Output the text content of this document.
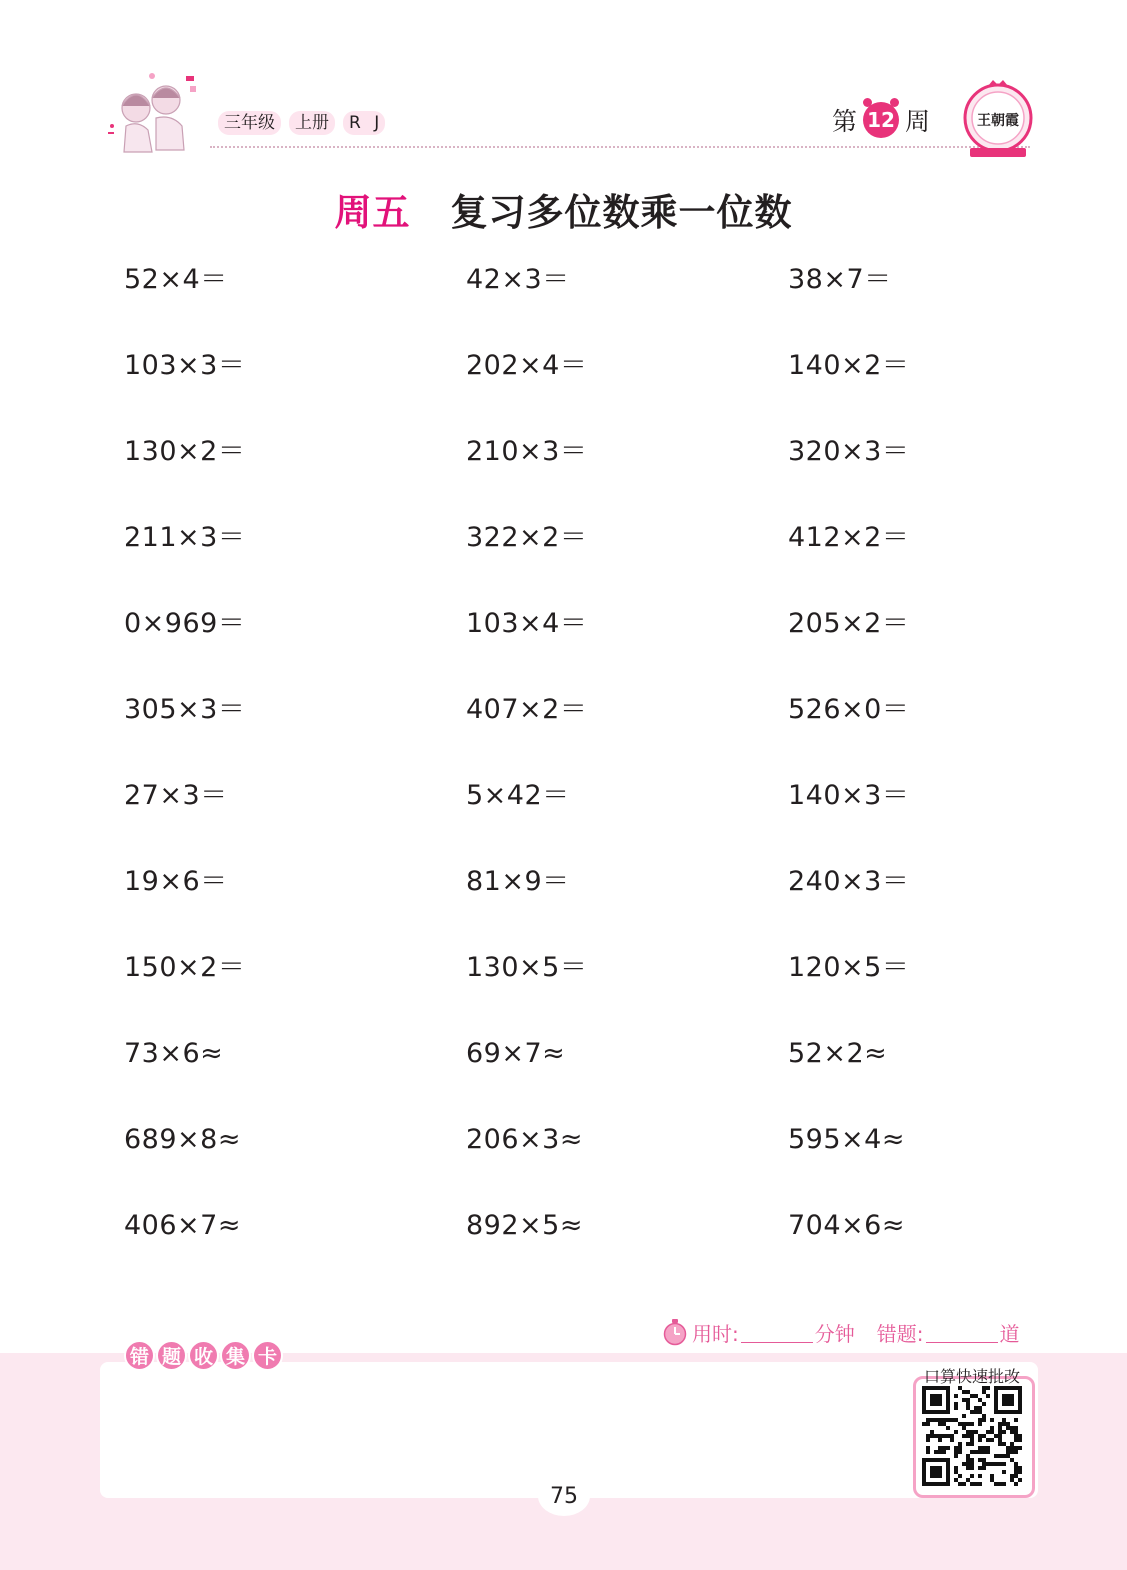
三年级	上册	R J	第 12 周	王朝霞
周五 复习多位数乘一位数
52×4＝	42×3＝	38×7＝
103×3＝	202×4＝	140×2＝
130×2＝	210×3＝	320×3＝
211×3＝	322×2＝	412×2＝
0×969＝	103×4＝	205×2＝
305×3＝	407×2＝	526×0＝
27×3＝	5×42＝	140×3＝
19×6＝	81×9＝	240×3＝
150×2＝	130×5＝	120×5＝
73×6≈	69×7≈	52×2≈
689×8≈	206×3≈	595×4≈
406×7≈	892×5≈	704×6≈
用时:	分钟 错题:	道
错 题 收 集 卡
口算快速批改
75
